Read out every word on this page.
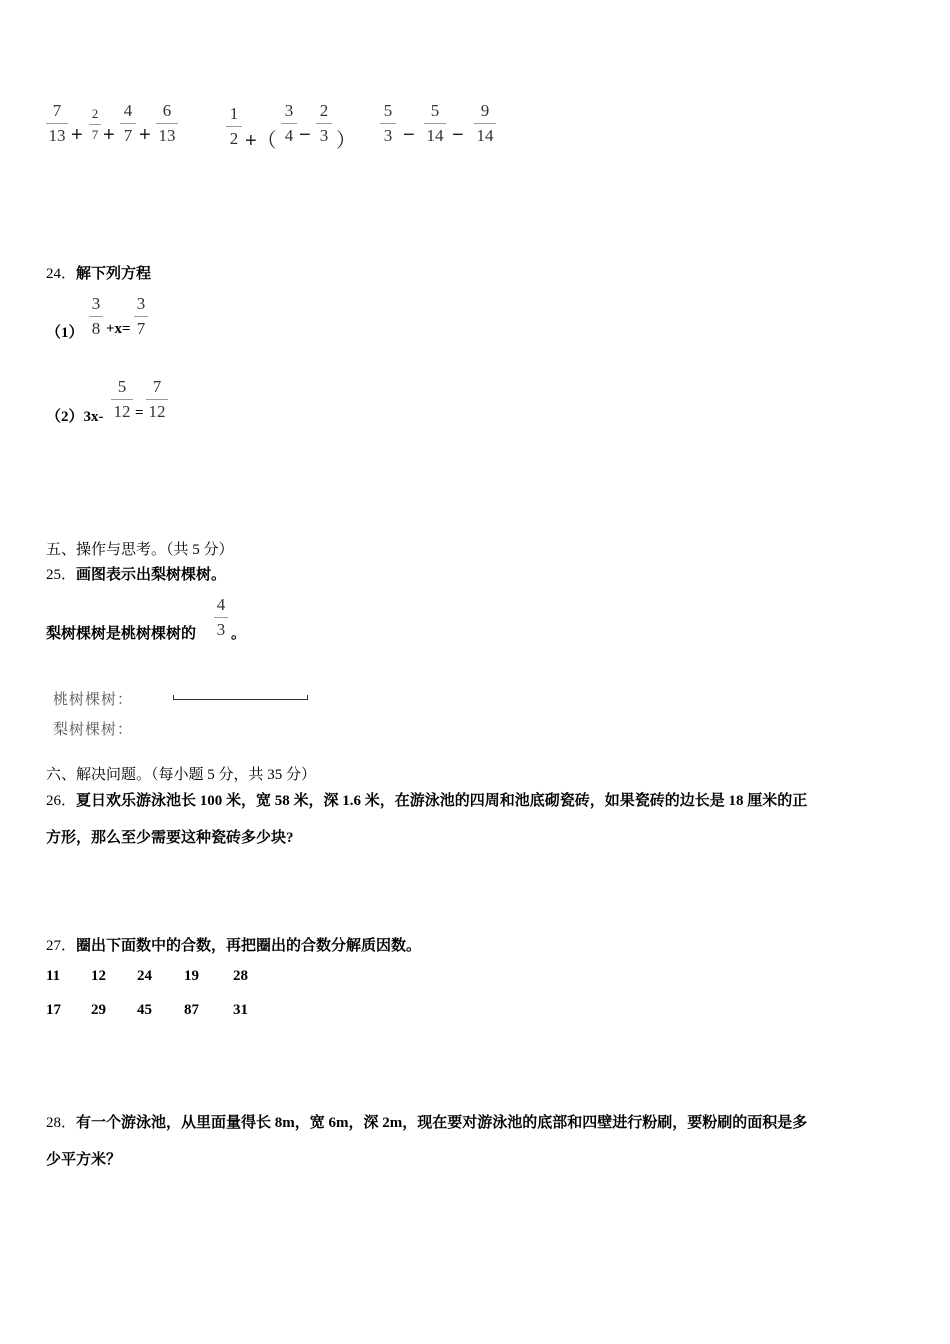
7
13 +
2
7 +
4
7 +
6
13
1
2 +（
3
4 −
2
3 ）
5
3 −
5
14 −
9
14
24．解下列方程
（1）
3
8 +x=
3
7
（2）3x-
5
12 =
7
12
五、操作与思考。（共 5 分）
25．画图表示出梨树棵树。
梨树棵树是桃树棵树的
4
3 。
桃树棵树：
梨树棵树：
六、解决问题。（每小题 5 分，共 35 分）
26．夏日欢乐游泳池长 100 米，宽 58 米，深 1.6 米，在游泳池的四周和池底砌瓷砖，如果瓷砖的边长是 18 厘米的正
方形，那么至少需要这种瓷砖多少块?
27．圈出下面数中的合数，再把圈出的合数分解质因数。
11 12 24 19 28
17 29 45 87 31
28．有一个游泳池，从里面量得长 8m，宽 6m，深 2m，现在要对游泳池的底部和四壁进行粉刷，要粉刷的面积是多
少平方米？
